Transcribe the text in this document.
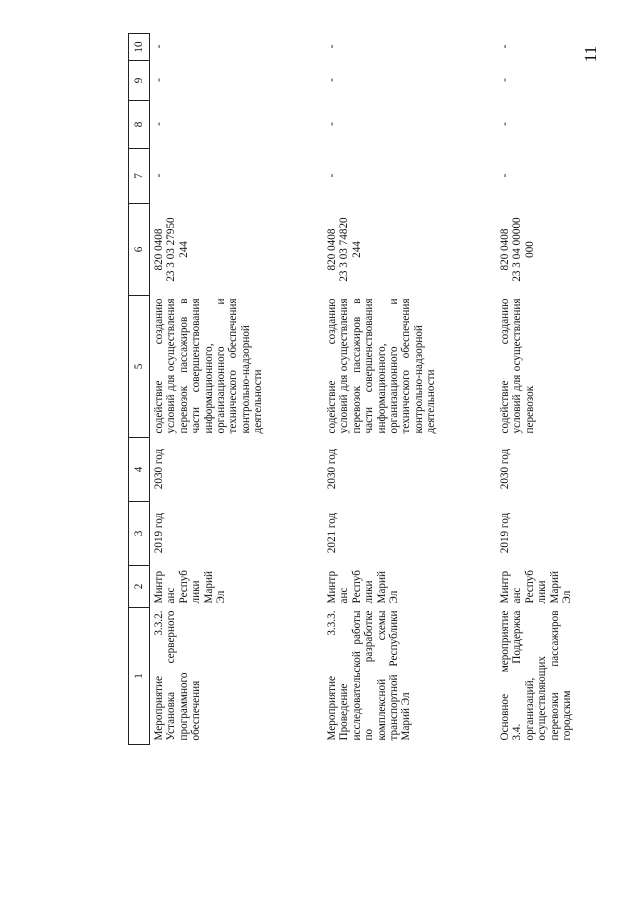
11
1	2	3	4	5	6	7	8	9	10
Мероприятие 3.3.2. Установка серверного программного обеспечения	Минтранс Республики Марий Эл	2019 год	2030 год	содействие созданию условий для осуществления перевозок пассажиров в части совершенствования информационного, организационного и технического обеспечения контрольно-надзорной деятельности	820 0408 23 3 03 27950 244	-	-	-	-
Мероприятие 3.3.3. Проведение исследовательской работы по разработке комплексной схемы транспортной Республики Марий Эл	Минтранс Республики Марий Эл	2021 год	2030 год	содействие созданию условий для осуществления перевозок пассажиров в части совершенствования информационного, организационного и технического обеспечения контрольно-надзорной деятельности	820 0408 23 3 03 74820 244	-	-	-	-
Основное мероприятие 3.4. Поддержка организаций, осуществляющих перевозки пассажиров городским	Минтранс Республики Марий Эл	2019 год	2030 год	содействие созданию условий для осуществления перевозок	820 0408 23 3 04 00000 000	-	-	-	-
